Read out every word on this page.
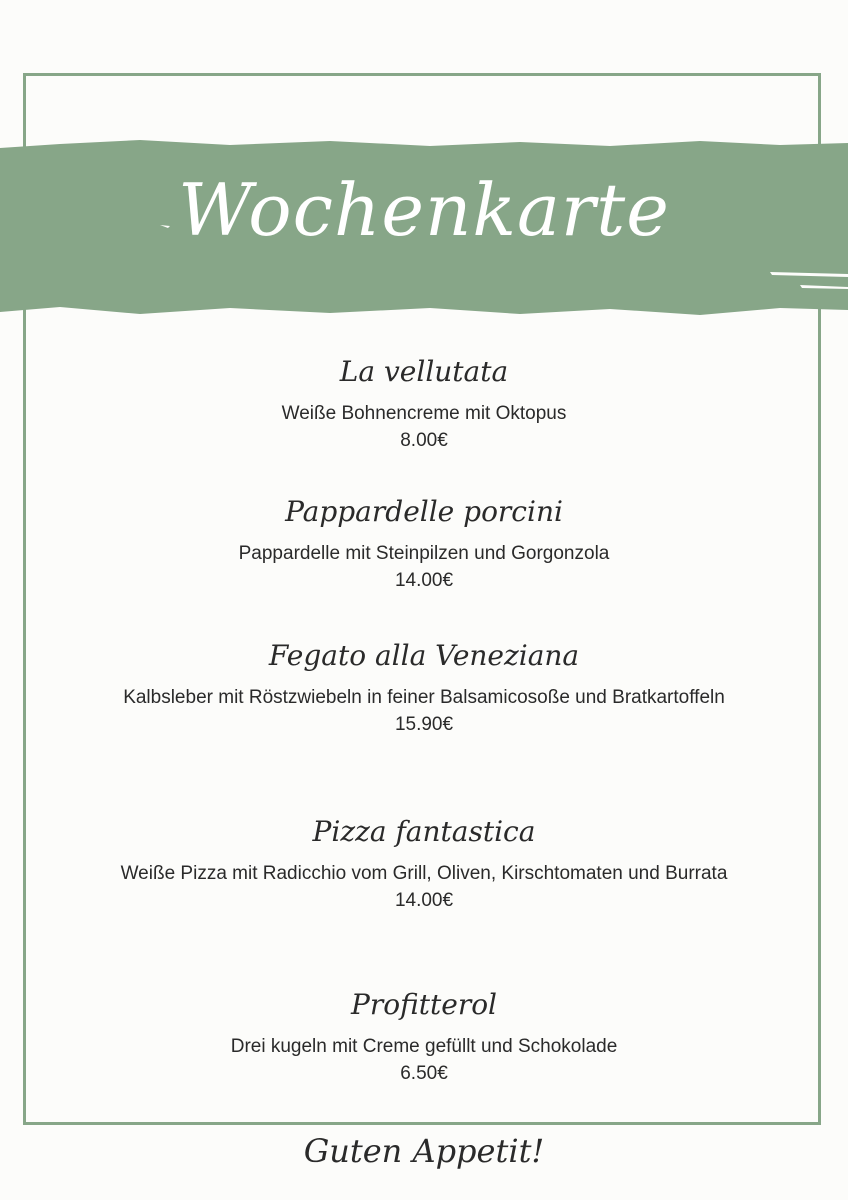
Wochenkarte
La vellutata
Weiße Bohnencreme mit Oktopus
8.00€
Pappardelle porcini
Pappardelle mit Steinpilzen und Gorgonzola
14.00€
Fegato alla Veneziana
Kalbsleber mit Röstzwiebeln in feiner Balsamicosoße und Bratkartoffeln
15.90€
Pizza fantastica
Weiße Pizza mit Radicchio vom Grill, Oliven, Kirschtomaten und Burrata
14.00€
Profitterol
Drei kugeln mit Creme gefüllt und Schokolade
6.50€
Guten Appetit!
